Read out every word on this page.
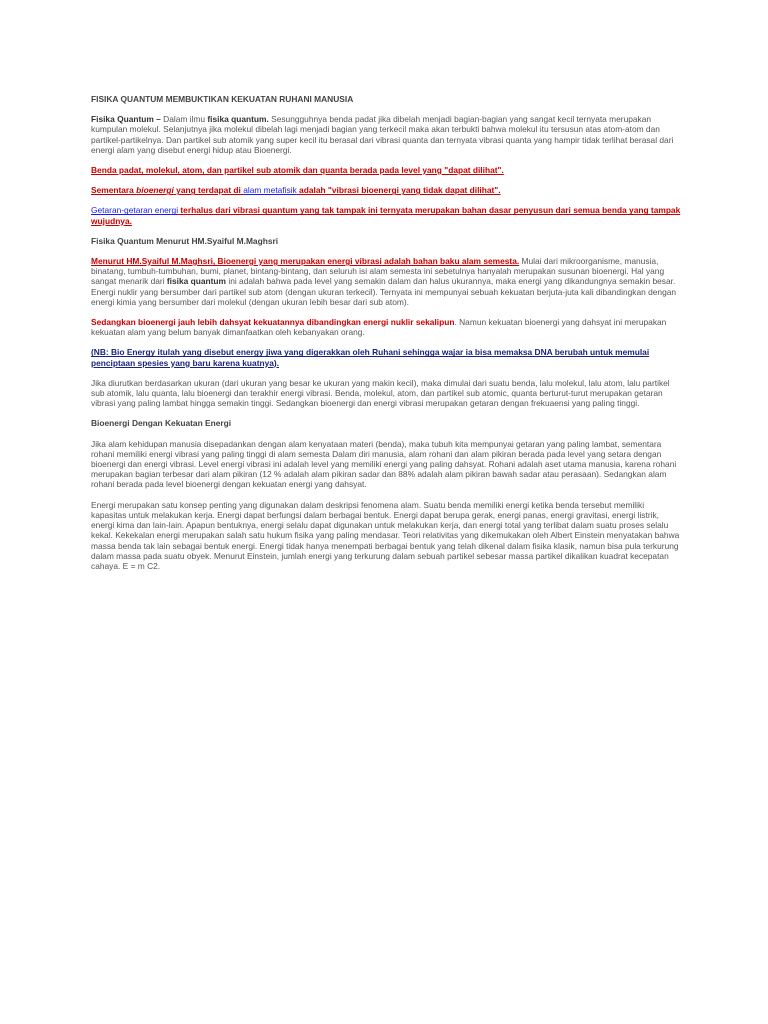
FISIKA QUANTUM MEMBUKTIKAN KEKUATAN RUHANI MANUSIA

Fisika Quantum – Dalam ilmu fisika quantum. Sesungguhnya benda padat jika dibelah menjadi bagian-bagian yang sangat kecil ternyata merupakan kumpulan molekul. Selanjutnya jika molekul dibelah lagi menjadi bagian yang terkecil maka akan terbukti bahwa molekul itu tersusun atas atom-atom dan partikel-partikelnya. Dan partikel sub atomik yang super kecil itu berasal dari vibrasi quanta dan ternyata vibrasi quanta yang hampir tidak terlihat berasal dari energi alam yang disebut energi hidup atau Bioenergi.

Benda padat, molekul, atom, dan partikel sub atomik dan quanta berada pada level yang "dapat dilihat".

Sementara bioenergi yang terdapat di alam metafisik adalah "vibrasi bioenergi yang tidak dapat dilihat".

Getaran-getaran energi terhalus dari vibrasi quantum yang tak tampak ini ternyata merupakan bahan dasar penyusun dari semua benda yang tampak wujudnya.

Fisika Quantum Menurut HM.Syaiful M.Maghsri

Menurut HM.Syaiful M.Maghsri, Bioenergi yang merupakan energi vibrasi adalah bahan baku alam semesta. Mulai dari mikroorganisme, manusia, binatang, tumbuh-tumbuhan, bumi, planet, bintang-bintang, dan seluruh isi alam semesta ini sebetulnya hanyalah merupakan susunan bioenergi. Hal yang sangat menarik dari fisika quantum ini adalah bahwa pada level yang semakin dalam dan halus ukurannya, maka energi yang dikandungnya semakin besar. Energi nuklir yang bersumber dari partikel sub atom (dengan ukuran terkecil). Ternyata ini mempunyai sebuah kekuatan berjuta-juta kali dibandingkan dengan energi kimia yang bersumber dari molekul (dengan ukuran lebih besar dari sub atom).

Sedangkan bioenergi jauh lebih dahsyat kekuatannya dibandingkan energi nuklir sekalipun. Namun kekuatan bioenergi yang dahsyat ini merupakan kekuatan alam yang belum banyak dimanfaatkan oleh kebanyakan orang.

(NB: Bio Energy itulah yang disebut energy jiwa yang digerakkan oleh Ruhani sehingga wajar ia bisa memaksa DNA berubah untuk memulai penciptaan spesies yang baru karena kuatnya).

Jika diurutkan berdasarkan ukuran (dari ukuran yang besar ke ukuran yang makin kecil), maka dimulai dari suatu benda, lalu molekul, lalu atom, lalu partikel sub atomik, lalu quanta, lalu bioenergi dan terakhir energi vibrasi. Benda, molekul, atom, dan partikel sub atomic, quanta berturut-turut merupakan getaran vibrasi yang paling lambat hingga semakin tinggi. Sedangkan bioenergi dan energi vibrasi merupakan getaran dengan frekuaensi yang paling tinggi.

Bioenergi Dengan Kekuatan Energi

Jika alam kehidupan manusia disepadankan dengan alam kenyataan materi (benda), maka tubuh kita mempunyai getaran yang paling lambat, sementara rohani memiliki energi vibrasi yang paling tinggi di alam semesta Dalam diri manusia, alam rohani dan alam pikiran berada pada level yang setara dengan bioenergi dan energi vibrasi. Level energi vibrasi ini adalah level yang memiliki energi yang paling dahsyat. Rohani adalah aset utama manusia, karena rohani merupakan bagian terbesar dari alam pikiran (12 % adalah alam pikiran sadar dan 88% adalah alam pikiran bawah sadar atau perasaan). Sedangkan alam rohani berada pada level bioenergi dengan kekuatan energi yang dahsyat.

Energi merupakan satu konsep penting yang digunakan dalam deskripsi fenomena alam. Suatu benda memiliki energi ketika benda tersebut memiliki kapasitas untuk melakukan kerja. Energi dapat berfungsi dalam berbagai bentuk. Energi dapat berupa gerak, energi panas, energi gravitasi, energi listrik, energi kima dan lain-lain. Apapun bentuknya, energi selalu dapat digunakan untuk melakukan kerja, dan energi total yang terlibat dalam suatu proses selalu kekal. Kekekalan energi merupakan salah satu hukum fisika yang paling mendasar. Teori relativitas yang dikemukakan oleh Albert Einstein menyatakan bahwa massa benda tak lain sebagai bentuk energi. Energi tidak hanya menempati berbagai bentuk yang telah dikenal dalam fisika klasik, namun bisa pula terkurung dalam massa pada suatu obyek. Menurut Einstein, jumlah energi yang terkurung dalam sebuah partikel sebesar massa partikel dikalikan kuadrat kecepatan cahaya. E = m C2.
